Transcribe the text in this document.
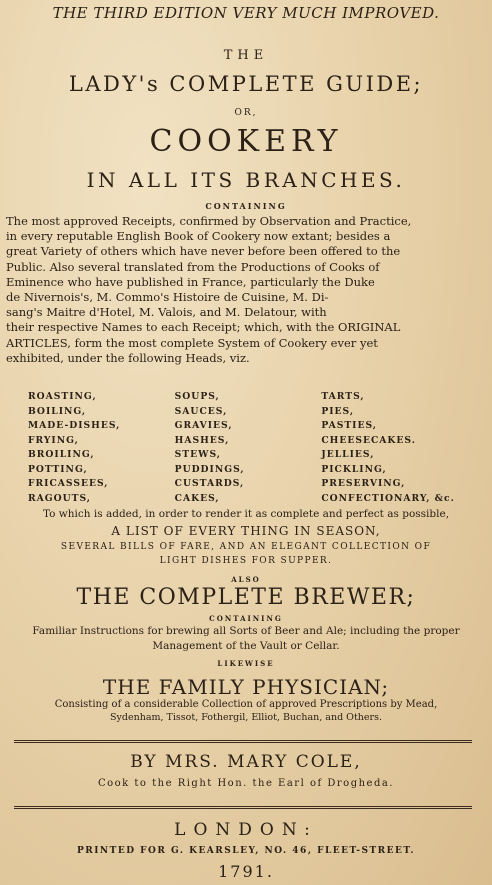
THE THIRD EDITION VERY MUCH IMPROVED.
THE
LADY's COMPLETE GUIDE;
OR,
COOKERY
IN ALL ITS BRANCHES.
CONTAINING
The most approved Receipts, confirmed by Observation and Practice,
in every reputable English Book of Cookery now extant; besides a
great Variety of others which have never before been offered to the
Public. Also several translated from the Productions of Cooks of
Eminence who have published in France, particularly the Duke
de Nivernois's, M. Commo's Histoire de Cuisine, M. Di-
sang's Maitre d'Hotel, M. Valois, and M. Delatour, with
their respective Names to each Receipt; which, with the ORIGINAL
ARTICLES, form the most complete System of Cookery ever yet
exhibited, under the following Heads, viz.
ROASTING,
BOILING,
MADE-DISHES,
FRYING,
BROILING,
POTTING,
FRICASSEES,
RAGOUTS,
SOUPS,
SAUCES,
GRAVIES,
HASHES,
STEWS,
PUDDINGS,
CUSTARDS,
CAKES,
TARTS,
PIES,
PASTIES,
CHEESECAKES.
JELLIES,
PICKLING,
PRESERVING,
CONFECTIONARY, &c.
To which is added, in order to render it as complete and perfect as possible,
A LIST OF EVERY THING IN SEASON,
SEVERAL BILLS OF FARE, AND AN ELEGANT COLLECTION OF
LIGHT DISHES FOR SUPPER.
ALSO
THE COMPLETE BREWER;
CONTAINING
Familiar Instructions for brewing all Sorts of Beer and Ale; including the proper
Management of the Vault or Cellar.
LIKEWISE
THE FAMILY PHYSICIAN;
Consisting of a considerable Collection of approved Prescriptions by Mead,
Sydenham, Tissot, Fothergil, Elliot, Buchan, and Others.
BY MRS. MARY COLE,
Cook to the Right Hon. the Earl of Drogheda.
LONDON:
PRINTED FOR G. KEARSLEY, NO. 46, FLEET-STREET.
1791.
